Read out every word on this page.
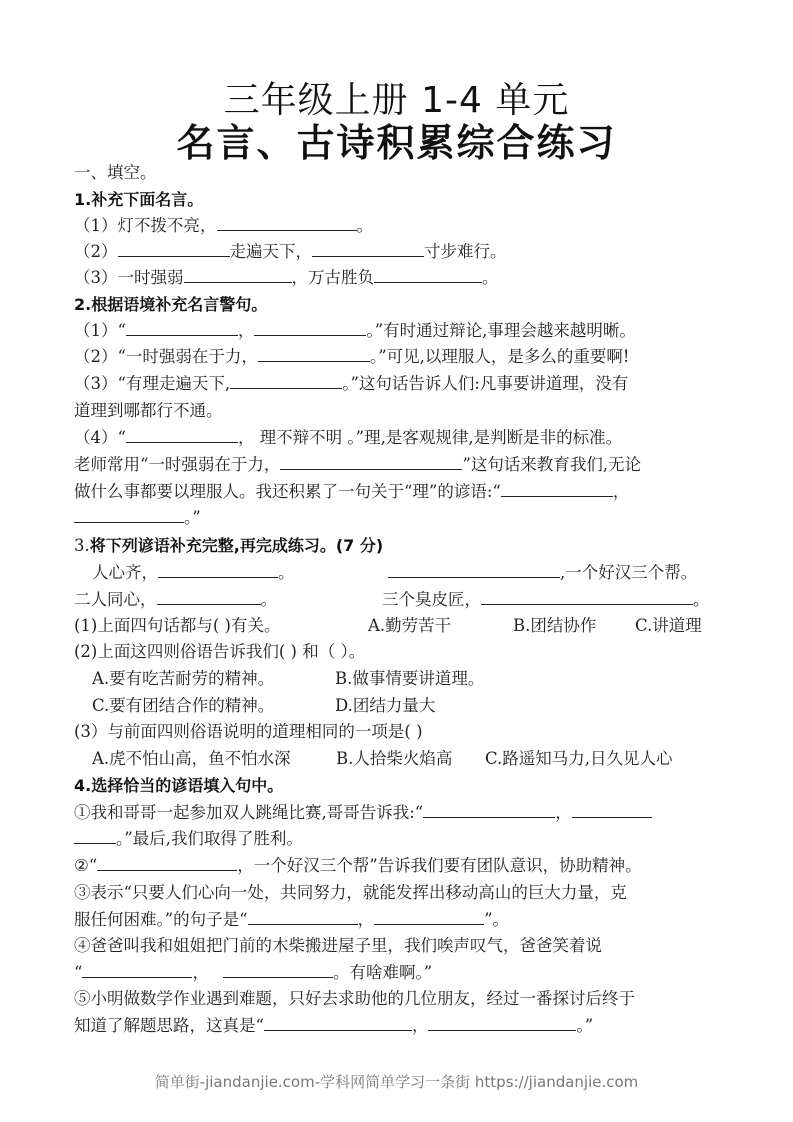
三年级上册 1-4 单元
名言、古诗积累综合练习
一、填空。
1.补充下面名言。
（1）灯不拨不亮，	。
（2）	走遍天下，	寸步难行。
（3）一时强弱	，万古胜负	。
2.根据语境补充名言警句。
（1）“	，	。”有时通过辩论,事理会越来越明晰。
（2）“一时强弱在于力，	。”可见,以理服人，是多么的重要啊!
（3）“有理走遍天下,	。”这句话告诉人们:凡事要讲道理，没有
道理到哪都行不通。
（4）“	， 理不辩不明 。”理,是客观规律,是判断是非的标准。
老师常用“一时强弱在于力，	”这句话来教育我们,无论
做什么事都要以理服人。我还积累了一句关于“理”的谚语:“	，
。”
3.将下列谚语补充完整,再完成练习。(7 分)
人心齐，	。	,一个好汉三个帮。
二人同心，	。	三个臭皮匠，	。
(1)上面四句话都与( )有关。	A.勤劳苦干	B.团结协作 C.讲道理
(2)上面这四则俗语告诉我们( ) 和（ ）。
A.要有吃苦耐劳的精神。	B.做事情要讲道理。
C.要有团结合作的精神。	D.团结力量大
(3）与前面四则俗语说明的道理相同的一项是( )
A.虎不怕山高，鱼不怕水深	B.人拾柴火焰高 C.路遥知马力,日久见人心
4.选择恰当的谚语填入句中。
①我和哥哥一起参加双人跳绳比赛,哥哥告诉我:“	，
。”最后,我们取得了胜利。
②“	，一个好汉三个帮”告诉我们要有团队意识，协助精神。
③表示“只要人们心向一处，共同努力，就能发挥出移动高山的巨大力量，克
服任何困难。”的句子是“	，	”。
④爸爸叫我和姐姐把门前的木柴搬进屋子里，我们唉声叹气，爸爸笑着说
“	，	。有啥难啊。”
⑤小明做数学作业遇到难题，只好去求助他的几位朋友，经过一番探讨后终于
知道了解题思路，这真是“	，	。”
简单街-jiandanjie.com-学科网简单学习一条街 https://jiandanjie.com
